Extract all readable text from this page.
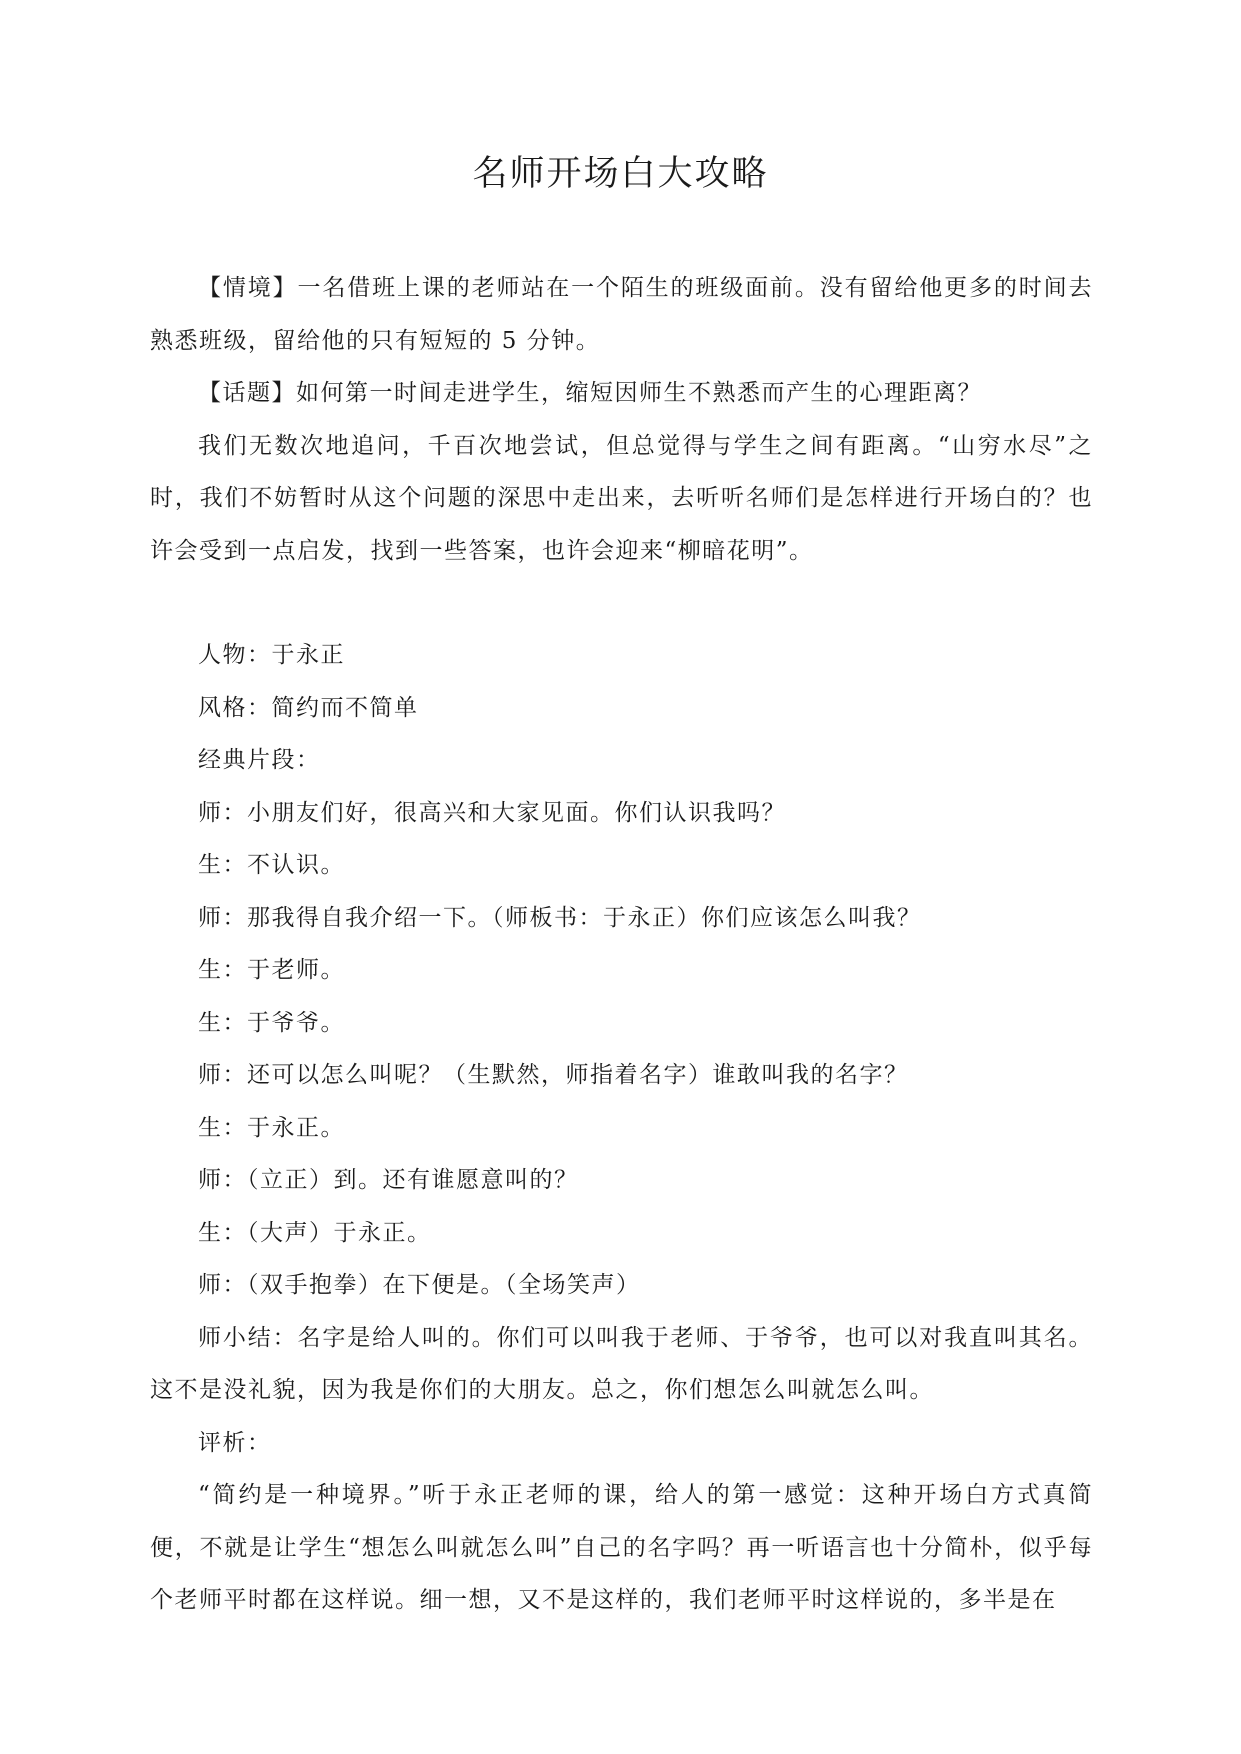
名师开场白大攻略

【情境】一名借班上课的老师站在一个陌生的班级面前。没有留给他更多的时间去熟悉班级，留给他的只有短短的 5 分钟。

【话题】如何第一时间走进学生，缩短因师生不熟悉而产生的心理距离？

我们无数次地追问，千百次地尝试，但总觉得与学生之间有距离。“山穷水尽”之时，我们不妨暂时从这个问题的深思中走出来，去听听名师们是怎样进行开场白的？也许会受到一点启发，找到一些答案，也许会迎来“柳暗花明”。

人物：于永正

风格：简约而不简单

经典片段：

师：小朋友们好，很高兴和大家见面。你们认识我吗？

生：不认识。

师：那我得自我介绍一下。（师板书：于永正）你们应该怎么叫我？

生：于老师。

生：于爷爷。

师：还可以怎么叫呢？（生默然，师指着名字）谁敢叫我的名字？

生：于永正。

师：（立正）到。还有谁愿意叫的？

生：（大声）于永正。

师：（双手抱拳）在下便是。（全场笑声）

师小结：名字是给人叫的。你们可以叫我于老师、于爷爷，也可以对我直叫其名。这不是没礼貌，因为我是你们的大朋友。总之，你们想怎么叫就怎么叫。

评析：

“简约是一种境界。”听于永正老师的课，给人的第一感觉：这种开场白方式真简便，不就是让学生“想怎么叫就怎么叫”自己的名字吗？再一听语言也十分简朴，似乎每个老师平时都在这样说。细一想，又不是这样的，我们老师平时这样说的，多半是在
